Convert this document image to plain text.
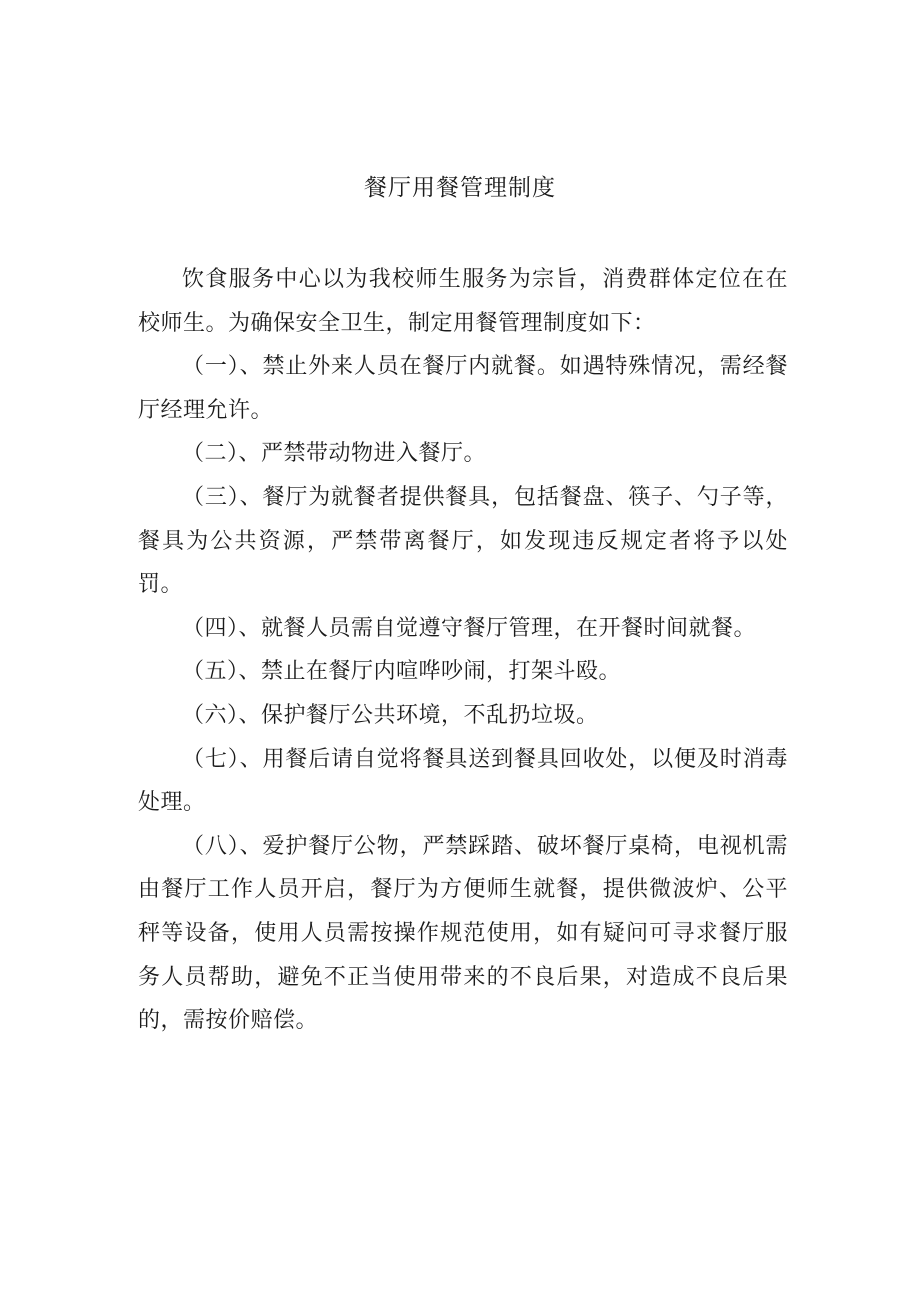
餐厅用餐管理制度

饮食服务中心以为我校师生服务为宗旨，消费群体定位在在校师生。为确保安全卫生，制定用餐管理制度如下：

（一）、禁止外来人员在餐厅内就餐。如遇特殊情况，需经餐厅经理允许。

（二）、严禁带动物进入餐厅。

（三）、餐厅为就餐者提供餐具，包括餐盘、筷子、勺子等，餐具为公共资源，严禁带离餐厅，如发现违反规定者将予以处罚。

（四）、就餐人员需自觉遵守餐厅管理，在开餐时间就餐。

（五）、禁止在餐厅内喧哗吵闹，打架斗殴。

（六）、保护餐厅公共环境，不乱扔垃圾。

（七）、用餐后请自觉将餐具送到餐具回收处，以便及时消毒处理。

（八）、爱护餐厅公物，严禁踩踏、破坏餐厅桌椅，电视机需由餐厅工作人员开启，餐厅为方便师生就餐，提供微波炉、公平秤等设备，使用人员需按操作规范使用，如有疑问可寻求餐厅服务人员帮助，避免不正当使用带来的不良后果，对造成不良后果的，需按价赔偿。
